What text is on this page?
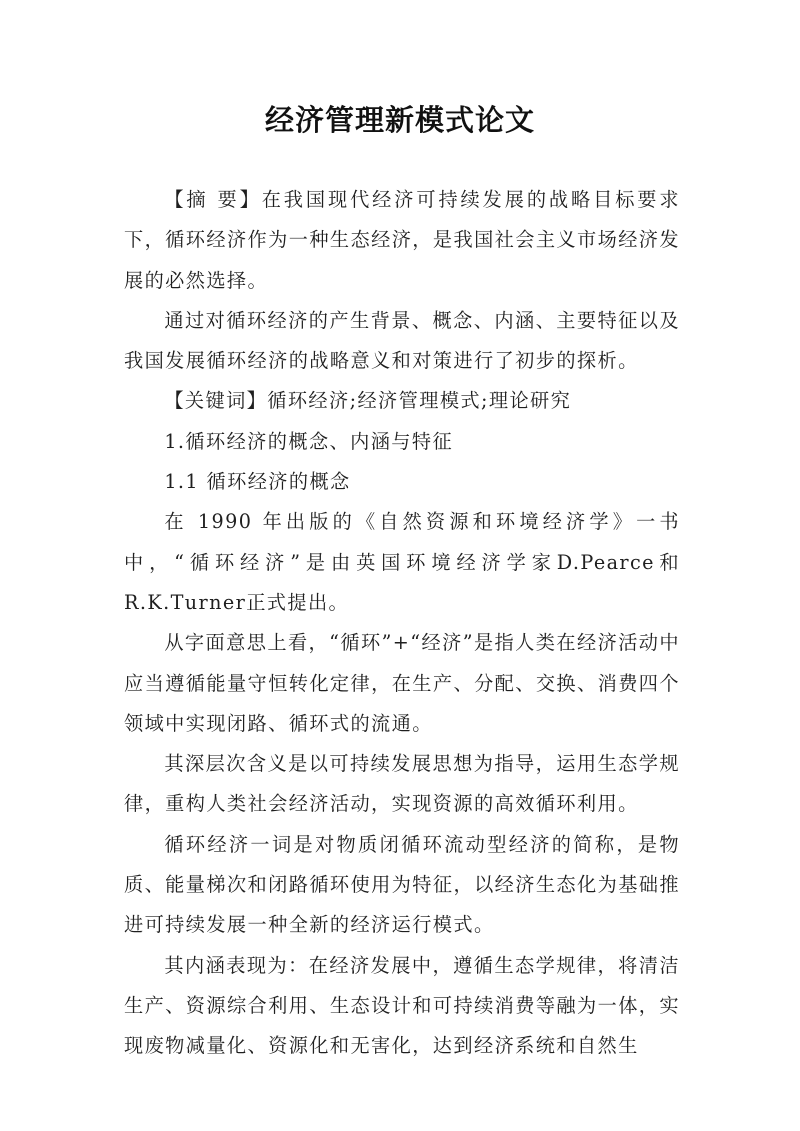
经济管理新模式论文

【摘 要】在我国现代经济可持续发展的战略目标要求下，循环经济作为一种生态经济，是我国社会主义市场经济发展的必然选择。

通过对循环经济的产生背景、概念、内涵、主要特征以及我国发展循环经济的战略意义和对策进行了初步的探析。

【关键词】循环经济;经济管理模式;理论研究

1.循环经济的概念、内涵与特征

1.1 循环经济的概念

在 1990 年出版的《自然资源和环境经济学》一书中，“循环经济”是由英国环境经济学家D.Pearce和R.K.Turner正式提出。

从字面意思上看，“循环”+“经济”是指人类在经济活动中应当遵循能量守恒转化定律，在生产、分配、交换、消费四个领域中实现闭路、循环式的流通。

其深层次含义是以可持续发展思想为指导，运用生态学规律，重构人类社会经济活动，实现资源的高效循环利用。

循环经济一词是对物质闭循环流动型经济的简称，是物质、能量梯次和闭路循环使用为特征，以经济生态化为基础推进可持续发展一种全新的经济运行模式。

其内涵表现为：在经济发展中，遵循生态学规律，将清洁生产、资源综合利用、生态设计和可持续消费等融为一体，实现废物减量化、资源化和无害化，达到经济系统和自然生
